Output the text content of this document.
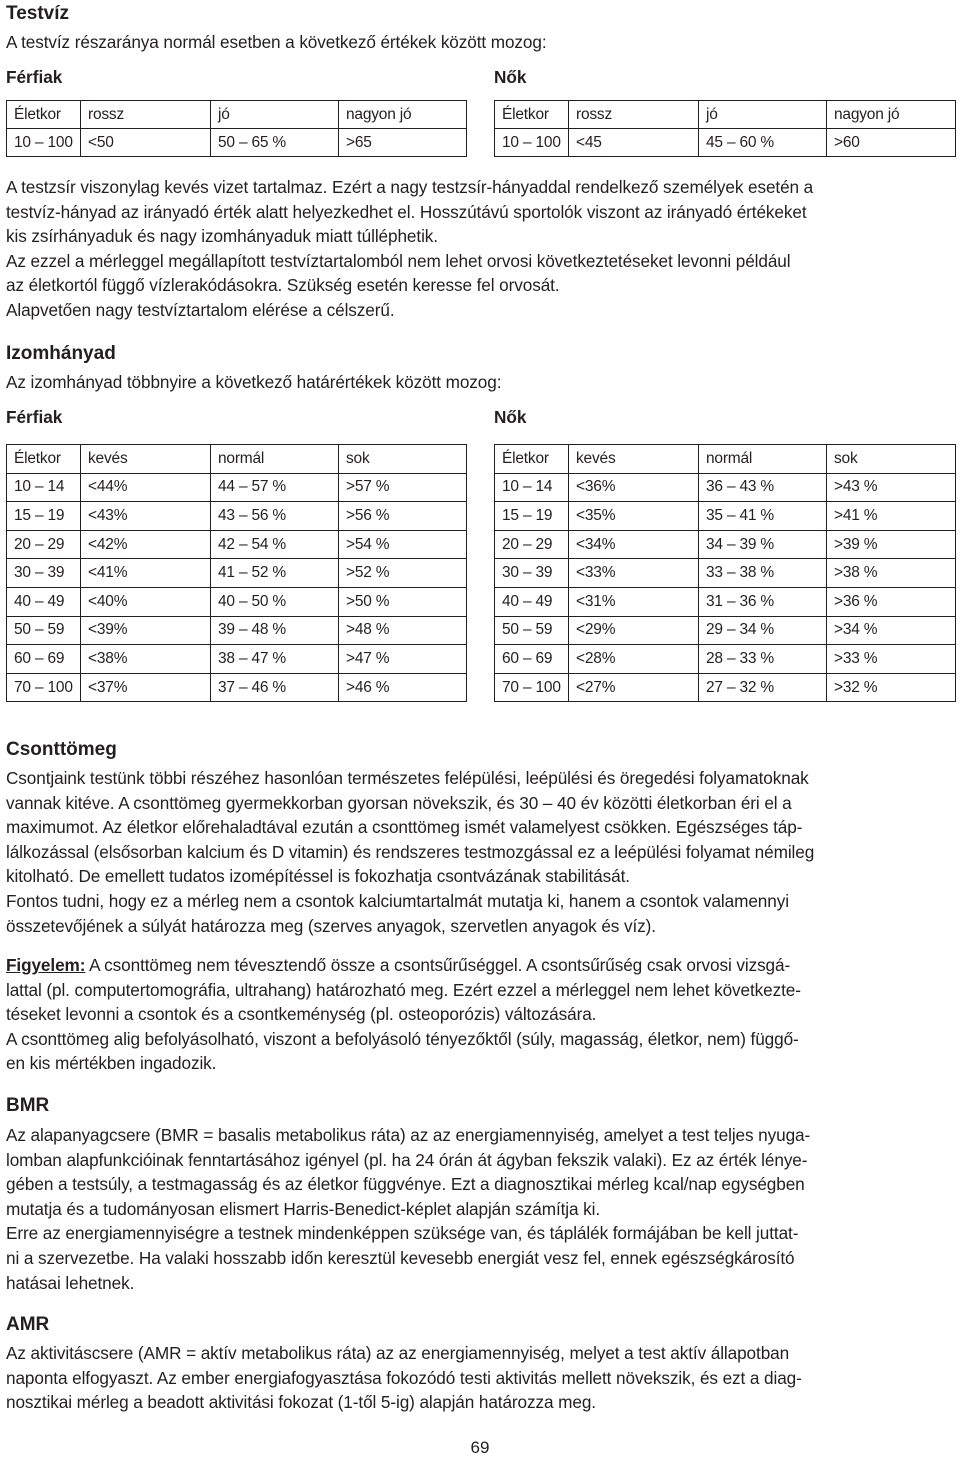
Testvíz

A testvíz részaránya normál esetben a következő értékek között mozog:

Férfiak	Nők
Életkor	rossz	jó	nagyon jó
10 – 100	<50	50 – 65 %	>65
Életkor	rossz	jó	nagyon jó
10 – 100	<45	45 – 60 %	>60

A testzsír viszonylag kevés vizet tartalmaz. Ezért a nagy testzsír-hányaddal rendelkező személyek esetén a

testvíz-hányad az irányadó érték alatt helyezkedhet el. Hosszútávú sportolók viszont az irányadó értékeket

kis zsírhányaduk és nagy izomhányaduk miatt túlléphetik.

Az ezzel a mérleggel megállapított testvíztartalomból nem lehet orvosi következtetéseket levonni például

az életkortól függő vízlerakódásokra. Szükség esetén keresse fel orvosát.

Alapvetően nagy testvíztartalom elérése a célszerű.

Izomhányad

Az izomhányad többnyire a következő határértékek között mozog:

Férfiak	Nők
Életkor	kevés	normál	sok
10 – 14	<44%	44 – 57 %	>57 %
15 – 19	<43%	43 – 56 %	>56 %
20 – 29	<42%	42 – 54 %	>54 %
30 – 39	<41%	41 – 52 %	>52 %
40 – 49	<40%	40 – 50 %	>50 %
50 – 59	<39%	39 – 48 %	>48 %
60 – 69	<38%	38 – 47 %	>47 %
70 – 100	<37%	37 – 46 %	>46 %
Életkor	kevés	normál	sok
10 – 14	<36%	36 – 43 %	>43 %
15 – 19	<35%	35 – 41 %	>41 %
20 – 29	<34%	34 – 39 %	>39 %
30 – 39	<33%	33 – 38 %	>38 %
40 – 49	<31%	31 – 36 %	>36 %
50 – 59	<29%	29 – 34 %	>34 %
60 – 69	<28%	28 – 33 %	>33 %
70 – 100	<27%	27 – 32 %	>32 %
Csonttömeg

Csontjaink testünk többi részéhez hasonlóan természetes felépülési, leépülési és öregedési folyamatoknak

vannak kitéve. A csonttömeg gyermekkorban gyorsan növekszik, és 30 – 40 év közötti életkorban éri el a

maximumot. Az életkor előrehaladtával ezután a csonttömeg ismét valamelyest csökken. Egészséges táp-

lálkozással (elsősorban kalcium és D vitamin) és rendszeres testmozgással ez a leépülési folyamat némileg

kitolható. De emellett tudatos izomépítéssel is fokozhatja csontvázának stabilitását.

Fontos tudni, hogy ez a mérleg nem a csontok kalciumtartalmát mutatja ki, hanem a csontok valamennyi

összetevőjének a súlyát határozza meg (szerves anyagok, szervetlen anyagok és víz).

Figyelem: A csonttömeg nem tévesztendő össze a csontsűrűséggel. A csontsűrűség csak orvosi vizsgá-

lattal (pl. computertomográfia, ultrahang) határozható meg. Ezért ezzel a mérleggel nem lehet következte-

téseket levonni a csontok és a csontkeménység (pl. osteoporózis) változására.

A csonttömeg alig befolyásolható, viszont a befolyásoló tényezőktől (súly, magasság, életkor, nem) függő-

en kis mértékben ingadozik.

BMR

Az alapanyagcsere (BMR = basalis metabolikus ráta) az az energiamennyiség, amelyet a test teljes nyuga-

lomban alapfunkcióinak fenntartásához igényel (pl. ha 24 órán át ágyban fekszik valaki). Ez az érték lénye-

gében a testsúly, a testmagasság és az életkor függvénye. Ezt a diagnosztikai mérleg kcal/nap egységben

mutatja és a tudományosan elismert Harris-Benedict-képlet alapján számítja ki.

Erre az energiamennyiségre a testnek mindenképpen szüksége van, és táplálék formájában be kell juttat-

ni a szervezetbe. Ha valaki hosszabb időn keresztül kevesebb energiát vesz fel, ennek egészségkárosító

hatásai lehetnek.

AMR

Az aktivitáscsere (AMR = aktív metabolikus ráta) az az energiamennyiség, melyet a test aktív állapotban

naponta elfogyaszt. Az ember energiafogyasztása fokozódó testi aktivitás mellett növekszik, és ezt a diag-

nosztikai mérleg a beadott aktivitási fokozat (1-től 5-ig) alapján határozza meg.

69
